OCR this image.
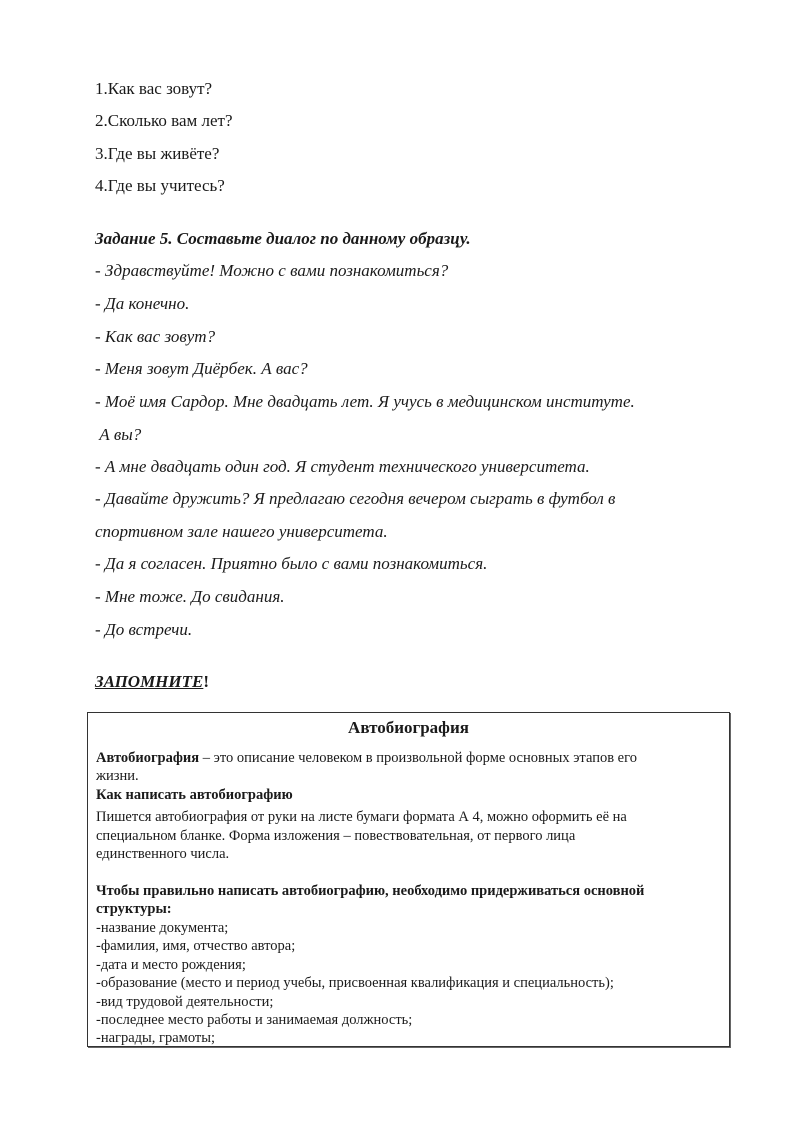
1.Как вас зовут?
2.Сколько вам лет?
3.Где вы живёте?
4.Где вы учитесь?
Задание 5. Составьте диалог по данному образцу.
- Здравствуйте! Можно с вами познакомиться?
- Да конечно.
- Как вас зовут?
- Меня зовут Диёрбек. А вас?
- Моё имя Сардор. Мне двадцать лет. Я учусь в медицинском институте.
А вы?
- А мне двадцать один год. Я студент технического университета.
- Давайте дружить? Я предлагаю сегодня вечером сыграть в футбол в
спортивном зале нашего университета.
- Да я согласен. Приятно было с вами познакомиться.
- Мне тоже. До свидания.
- До встречи.
ЗАПОМНИТЕ!
Автобиография
Автобиография – это описание человеком в произвольной форме основных этапов его
жизни.
Как написать автобиографию
Пишется автобиография от руки на листе бумаги формата А 4, можно оформить её на
специальном бланке. Форма изложения – повествовательная, от первого лица
единственного числа.
Чтобы правильно написать автобиографию, необходимо придерживаться основной
структуры:
-название документа;
-фамилия, имя, отчество автора;
-дата и место рождения;
-образование (место и период учебы, присвоенная квалификация и специальность);
-вид трудовой деятельности;
-последнее место работы и занимаемая должность;
-награды, грамоты;
